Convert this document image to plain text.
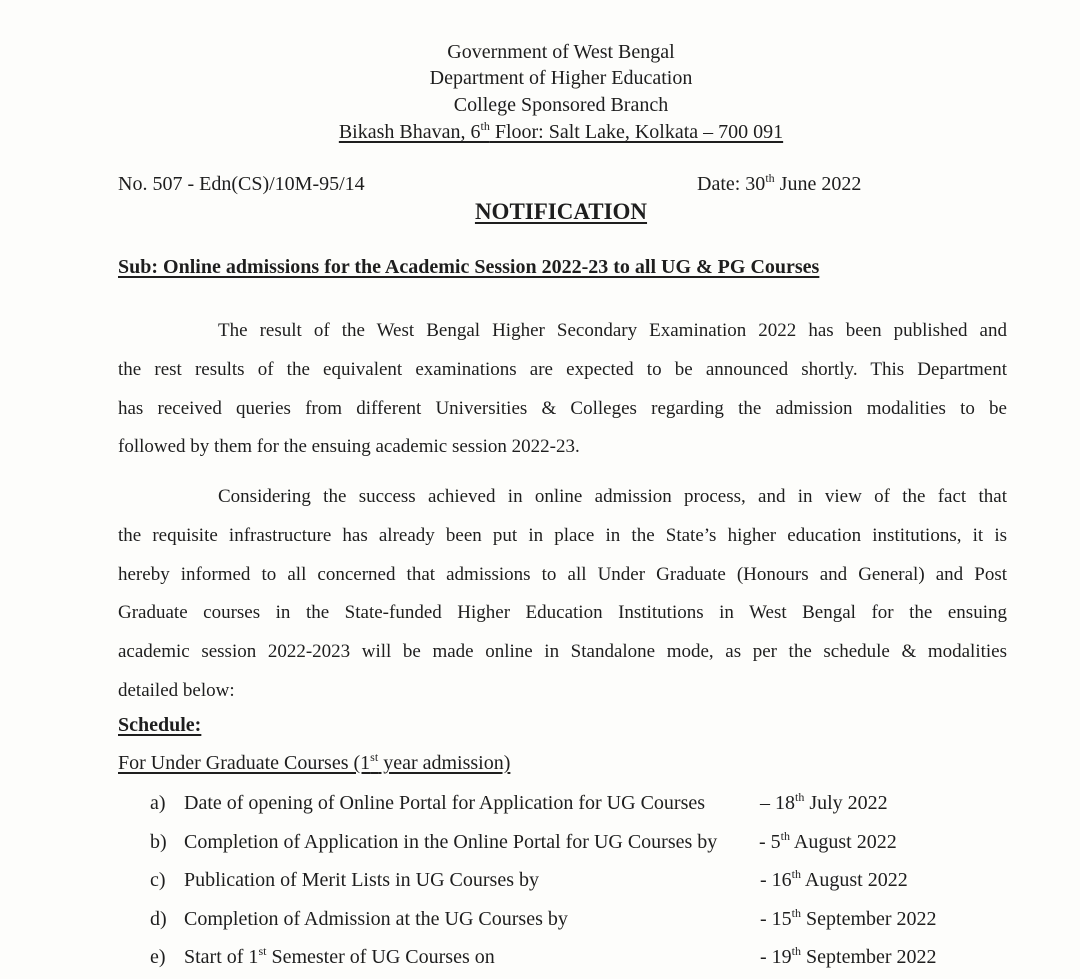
Government of West Bengal
Department of Higher Education
College Sponsored Branch
Bikash Bhavan, 6th Floor: Salt Lake, Kolkata – 700 091
No. 507 - Edn(CS)/10M-95/14	Date: 30th June 2022
NOTIFICATION
Sub: Online admissions for the Academic Session 2022-23 to all UG & PG Courses
The result of the West Bengal Higher Secondary Examination 2022 has been published and
the rest results of the equivalent examinations are expected to be announced shortly. This Department
has received queries from different Universities & Colleges regarding the admission modalities to be
followed by them for the ensuing academic session 2022-23.
Considering the success achieved in online admission process, and in view of the fact that
the requisite infrastructure has already been put in place in the State’s higher education institutions, it is
hereby informed to all concerned that admissions to all Under Graduate (Honours and General) and Post
Graduate courses in the State-funded Higher Education Institutions in West Bengal for the ensuing
academic session 2022-2023 will be made online in Standalone mode, as per the schedule & modalities
detailed below:
Schedule:
For Under Graduate Courses (1st year admission)
a) Date of opening of Online Portal for Application for UG Courses	– 18th July 2022
b) Completion of Application in the Online Portal for UG Courses by - 5th August 2022
c) Publication of Merit Lists in UG Courses by	- 16th August 2022
d) Completion of Admission at the UG Courses by	- 15th September 2022
e) Start of 1st Semester of UG Courses on	- 19th September 2022
